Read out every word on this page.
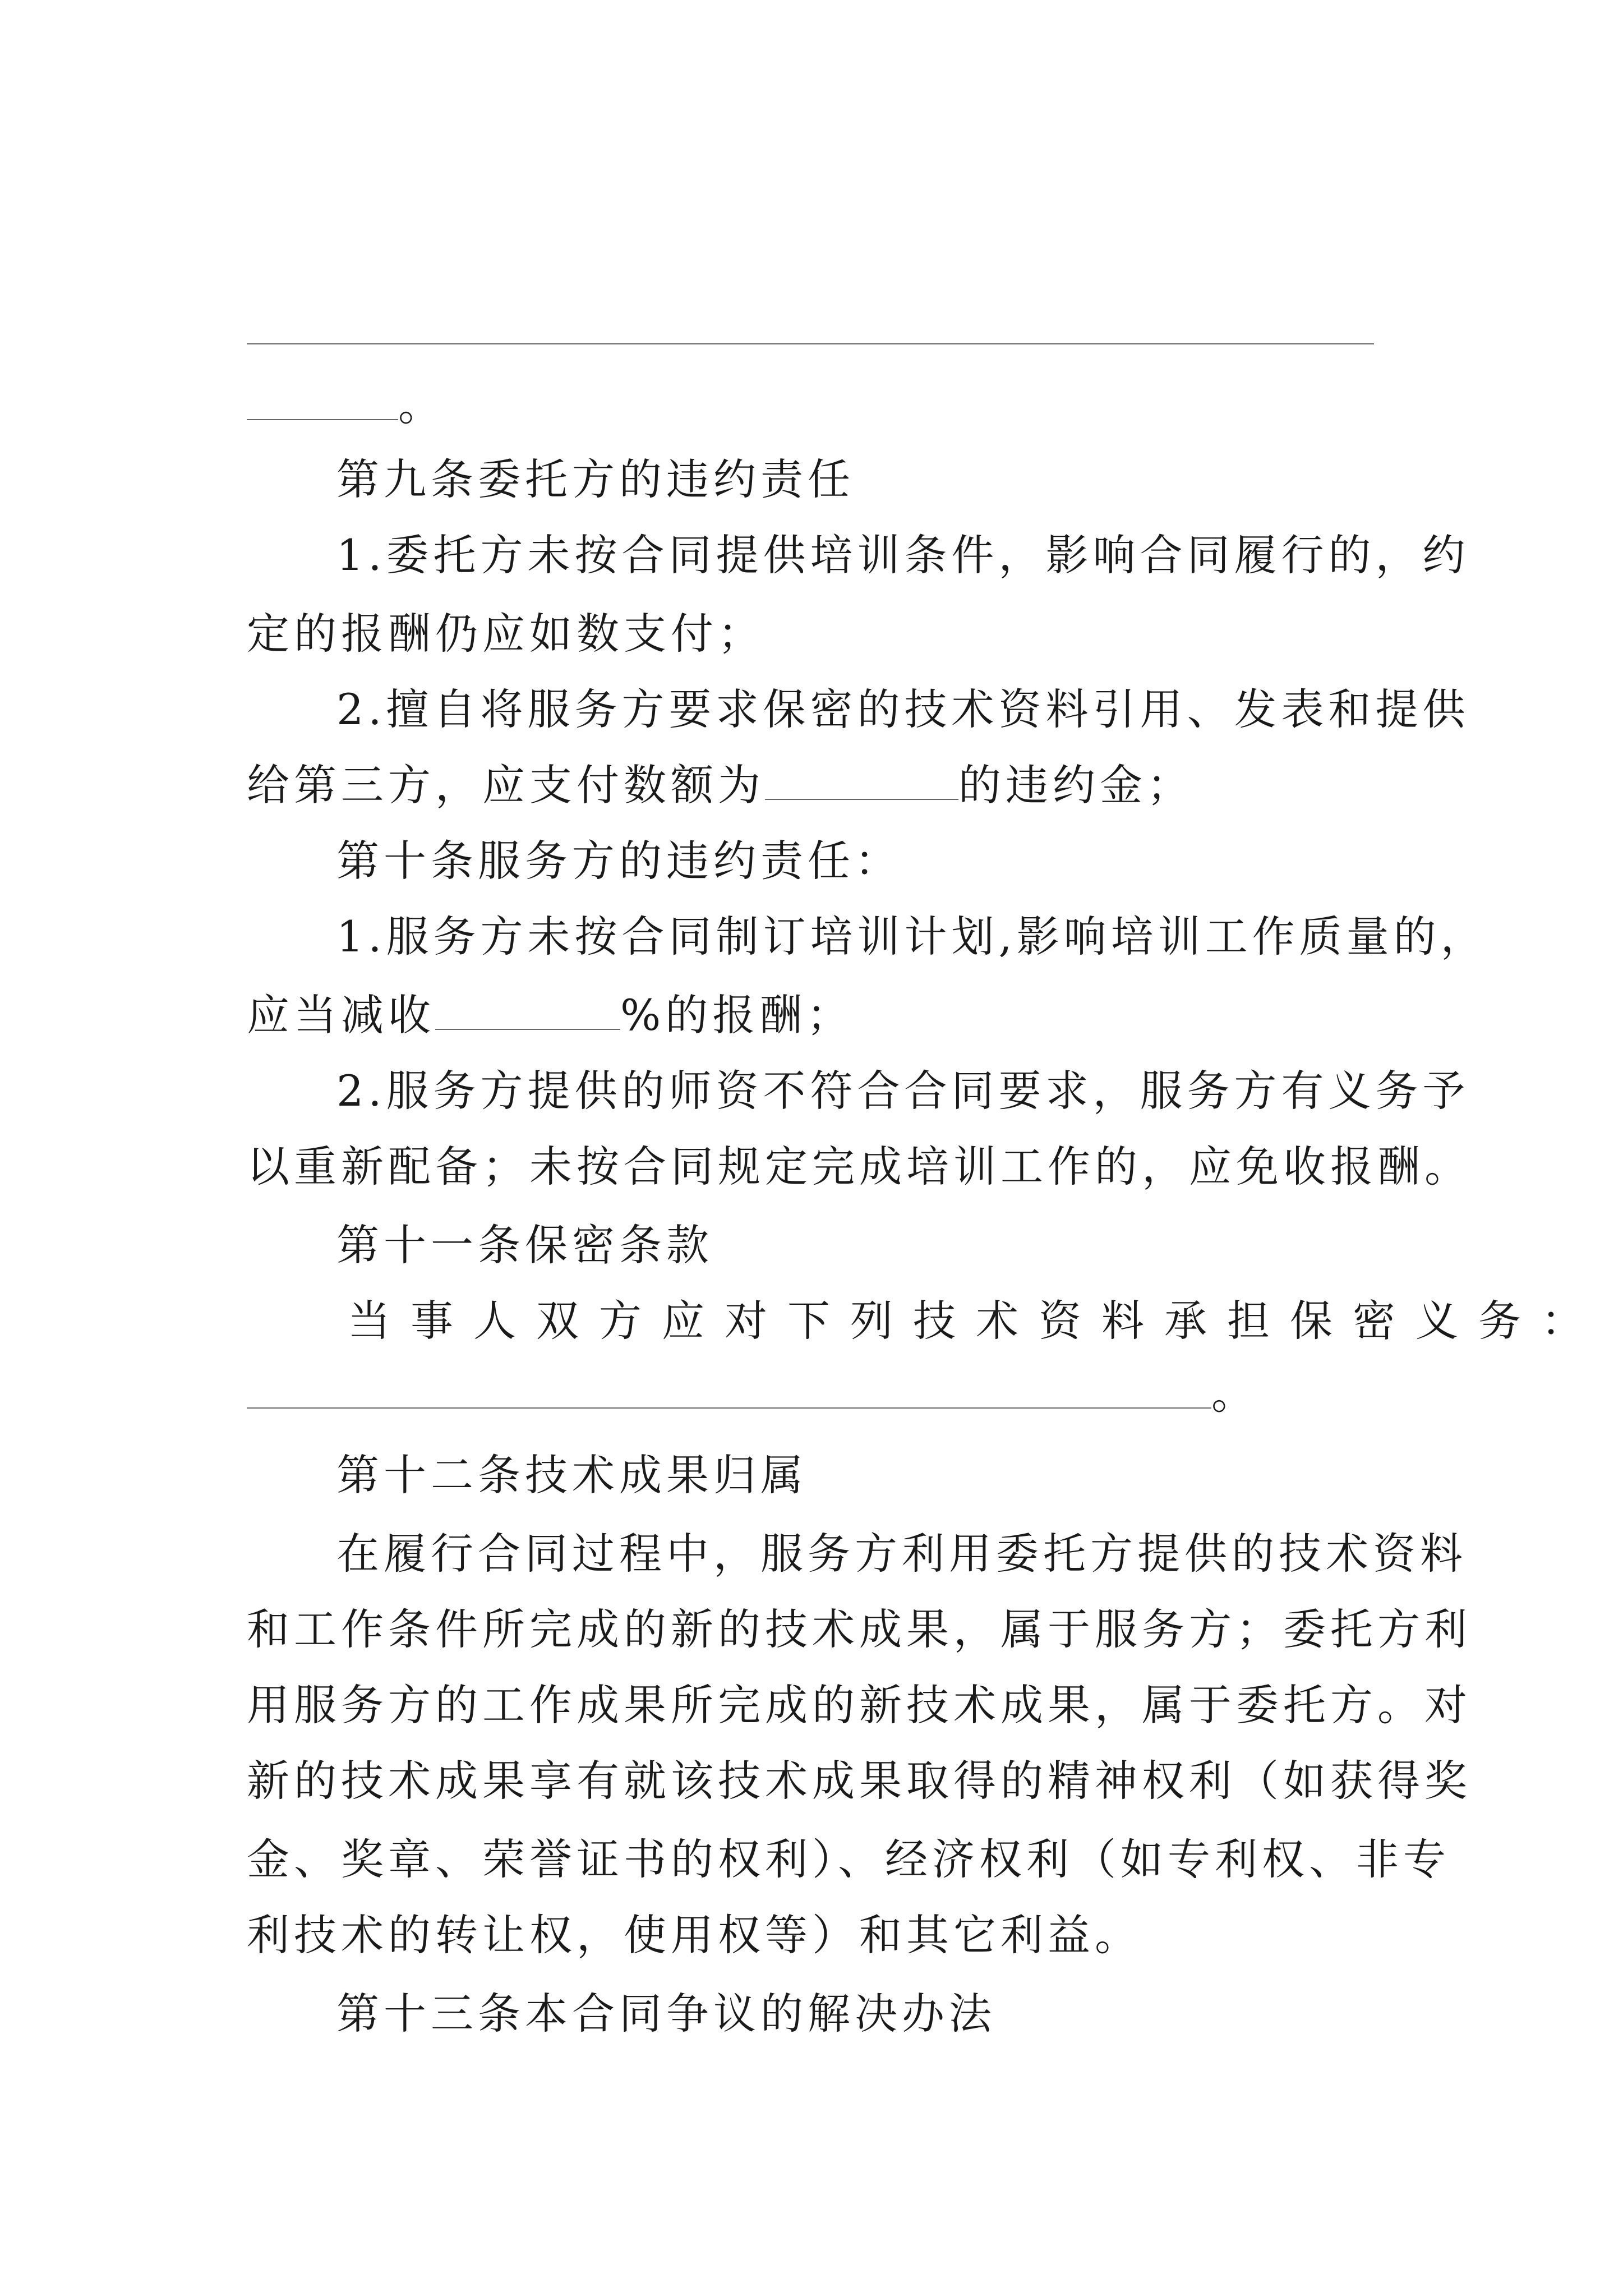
。
第九条委托方的违约责任
1.委托方未按合同提供培训条件，影响合同履行的，约
定的报酬仍应如数支付；
2.擅自将服务方要求保密的技术资料引用、发表和提供
给第三方，应支付数额为	的违约金；
第十条服务方的违约责任：
1.服务方未按合同制订培训计划,影响培训工作质量的，
应当减收	%的报酬；
2.服务方提供的师资不符合合同要求，服务方有义务予
以重新配备；未按合同规定完成培训工作的，应免收报酬。
第十一条保密条款
当事人双方应对下列技术资料承担保密义务：
。
第十二条技术成果归属
在履行合同过程中，服务方利用委托方提供的技术资料
和工作条件所完成的新的技术成果，属于服务方；委托方利
用服务方的工作成果所完成的新技术成果，属于委托方。对
新的技术成果享有就该技术成果取得的精神权利（如获得奖
金、奖章、荣誉证书的权利）、经济权利（如专利权、非专
利技术的转让权，使用权等）和其它利益。
第十三条本合同争议的解决办法
